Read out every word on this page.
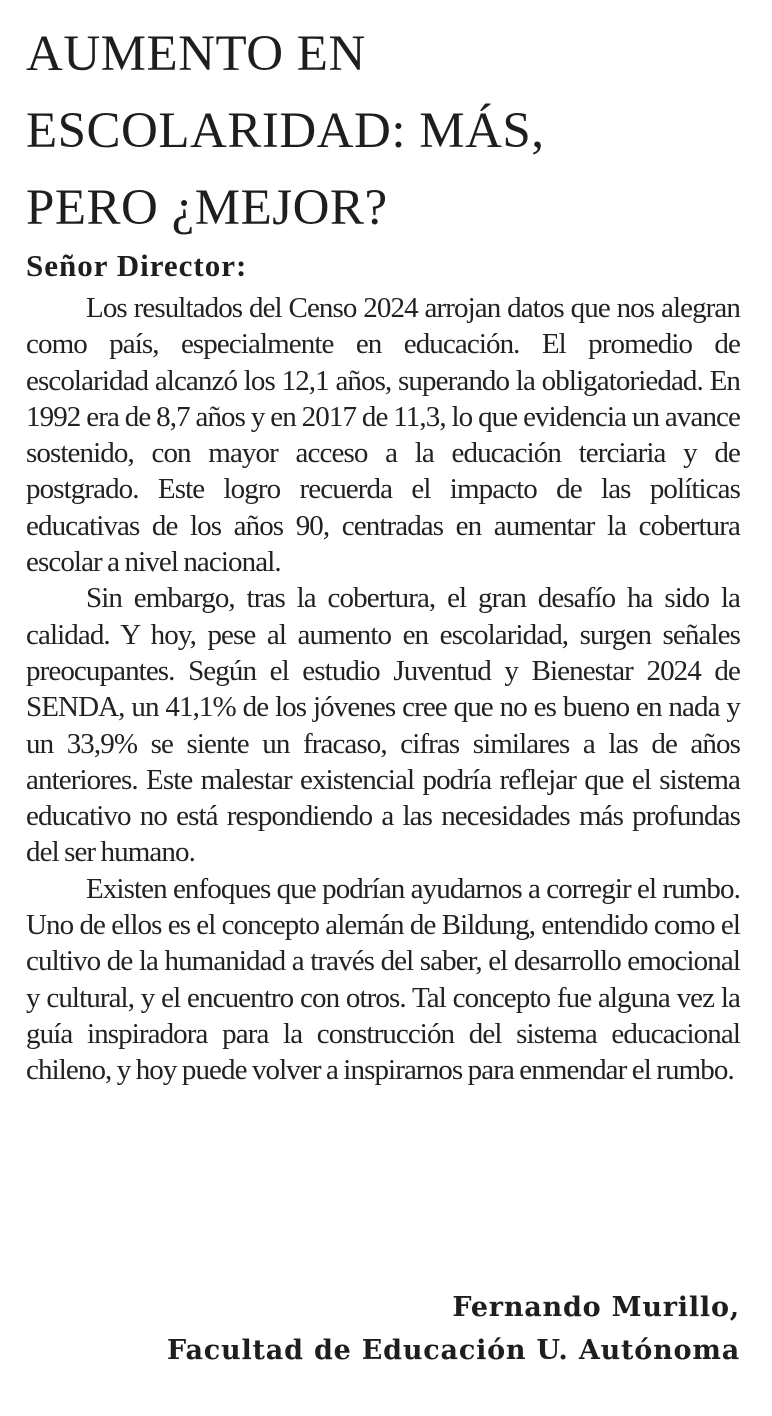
AUMENTO EN
ESCOLARIDAD: MÁS,
PERO ¿MEJOR?

Señor Director:

Los resultados del Censo 2024 arrojan datos que nos alegran como país, especialmente en educación. El promedio de escolaridad alcanzó los 12,1 años, superando la obligatoriedad. En 1992 era de 8,7 años y en 2017 de 11,3, lo que evidencia un avance sostenido, con mayor acceso a la educación terciaria y de postgrado. Este logro recuerda el impacto de las políticas educativas de los años 90, centradas en aumentar la cobertura escolar a nivel nacional.

Sin embargo, tras la cobertura, el gran desafío ha sido la calidad. Y hoy, pese al aumento en escolaridad, surgen señales preocupantes. Según el estudio Juventud y Bienestar 2024 de SENDA, un 41,1% de los jóvenes cree que no es bueno en nada y un 33,9% se siente un fracaso, cifras similares a las de años anteriores. Este malestar existencial podría reflejar que el sistema educativo no está respondiendo a las necesidades más profundas del ser humano.

Existen enfoques que podrían ayudarnos a corregir el rumbo. Uno de ellos es el concepto alemán de Bildung, entendido como el cultivo de la humanidad a través del saber, el desarrollo emocional y cultural, y el encuentro con otros. Tal concepto fue alguna vez la guía inspiradora para la construcción del sistema educacional chileno, y hoy puede volver a inspirarnos para enmendar el rumbo.

Fernando Murillo,
Facultad de Educación U. Autónoma
